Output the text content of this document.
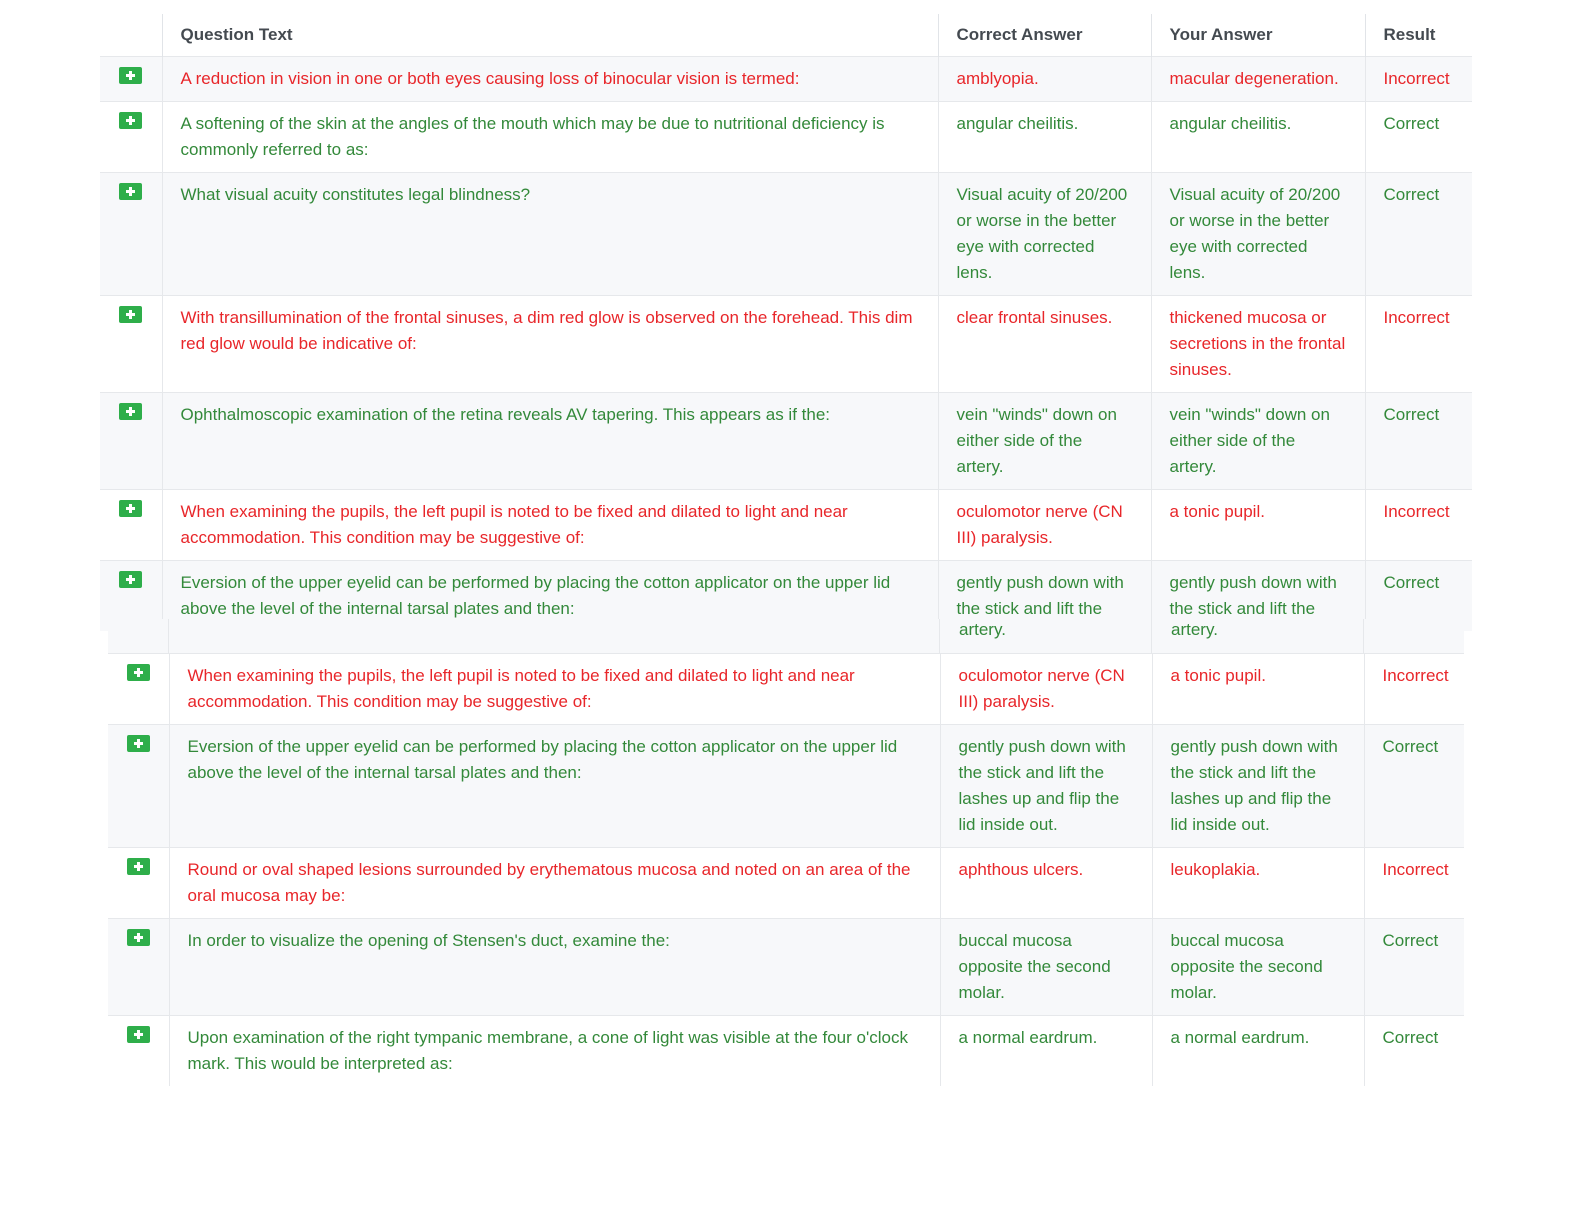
	Question Text	Correct Answer	Your Answer	Result
	A reduction in vision in one or both eyes causing loss of binocular vision is termed:	amblyopia.	macular degeneration.	Incorrect
	A softening of the skin at the angles of the mouth which may be due to nutritional deficiency is commonly referred to as:	angular cheilitis.	angular cheilitis.	Correct
	What visual acuity constitutes legal blindness?	Visual acuity of 20/200 or worse in the better eye with corrected lens.	Visual acuity of 20/200 or worse in the better eye with corrected lens.	Correct
	With transillumination of the frontal sinuses, a dim red glow is observed on the forehead. This dim red glow would be indicative of:	clear frontal sinuses.	thickened mucosa or secretions in the frontal sinuses.	Incorrect
	Ophthalmoscopic examination of the retina reveals AV tapering. This appears as if the:	vein "winds" down on either side of the artery.	vein "winds" down on either side of the artery.	Correct
	When examining the pupils, the left pupil is noted to be fixed and dilated to light and near accommodation. This condition may be suggestive of:	oculomotor nerve (CN III) paralysis.	a tonic pupil.	Incorrect
	Eversion of the upper eyelid can be performed by placing the cotton applicator on the upper lid above the level of the internal tarsal plates and then:	gently push down with the stick and lift the	gently push down with the stick and lift the	Correct
artery.	artery.
	When examining the pupils, the left pupil is noted to be fixed and dilated to light and near accommodation. This condition may be suggestive of:	oculomotor nerve (CN III) paralysis.	a tonic pupil.	Incorrect
	Eversion of the upper eyelid can be performed by placing the cotton applicator on the upper lid above the level of the internal tarsal plates and then:	gently push down with the stick and lift the lashes up and flip the lid inside out.	gently push down with the stick and lift the lashes up and flip the lid inside out.	Correct
	Round or oval shaped lesions surrounded by erythematous mucosa and noted on an area of the oral mucosa may be:	aphthous ulcers.	leukoplakia.	Incorrect
	In order to visualize the opening of Stensen's duct, examine the:	buccal mucosa opposite the second molar.	buccal mucosa opposite the second molar.	Correct
	Upon examination of the right tympanic membrane, a cone of light was visible at the four o'clock mark. This would be interpreted as:	a normal eardrum.	a normal eardrum.	Correct
